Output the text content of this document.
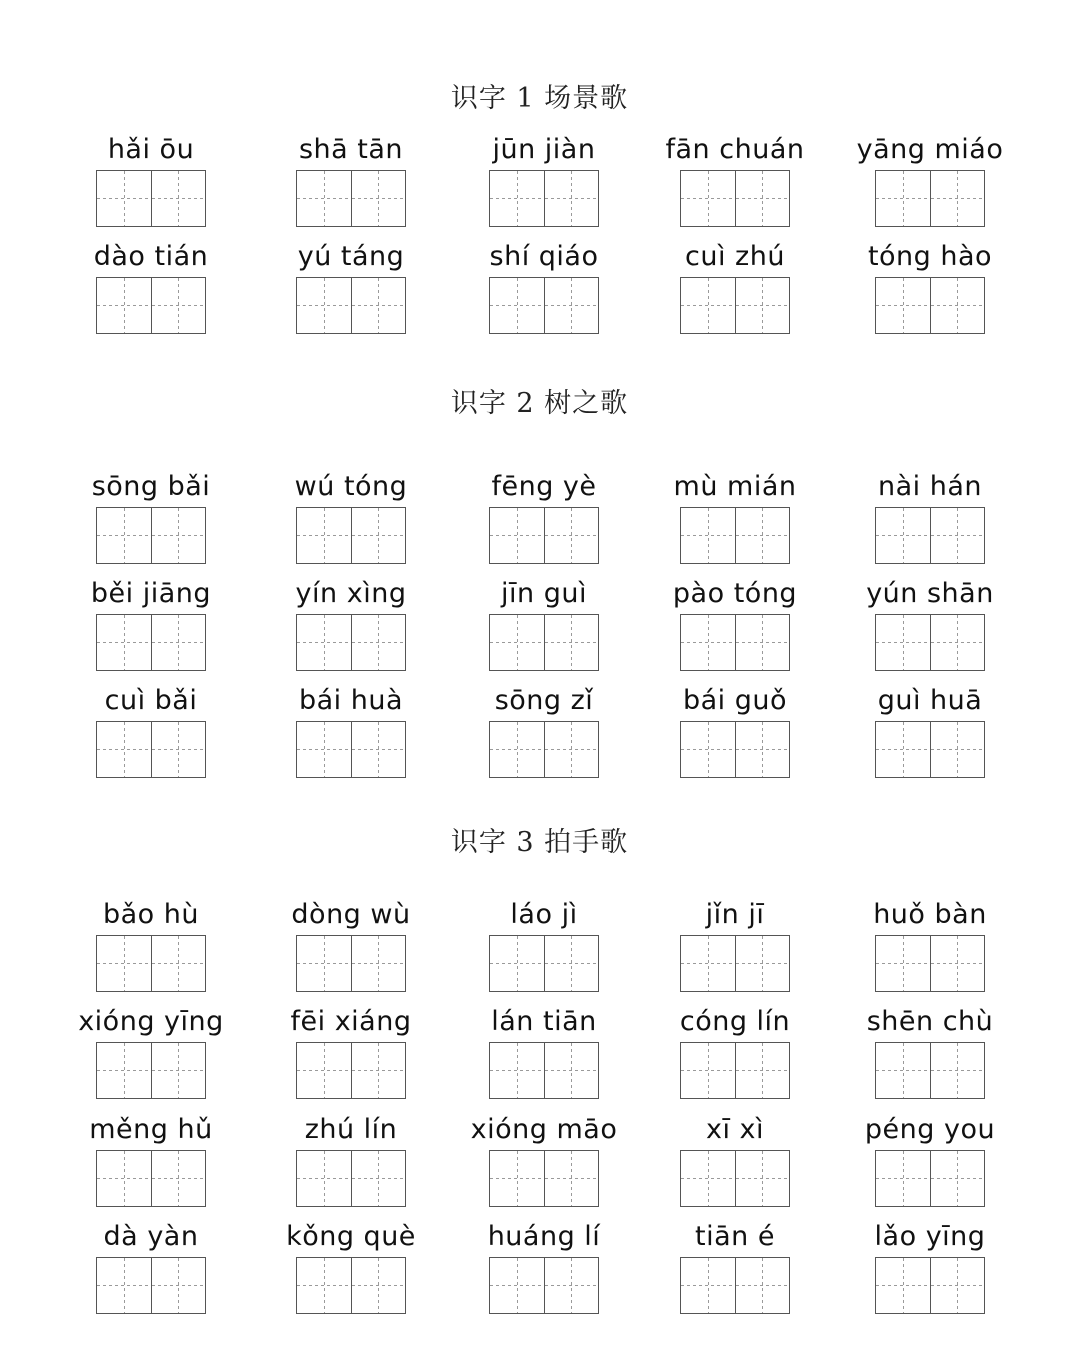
识字 1 场景歌
识字 2 树之歌
识字 3 拍手歌
hǎi ōu	shā tān	jūn jiàn	fān chuán	yāng miáo
dào tián	yú táng	shí qiáo	cuì zhú	tóng hào
sōng bǎi	wú tóng	fēng yè	mù mián	nài hán
běi jiāng	yín xìng	jīn guì	pào tóng	yún shān
cuì bǎi	bái huà	sōng zǐ	bái guǒ	guì huā
bǎo hù	dòng wù	láo jì	jǐn jī	huǒ bàn
xióng yīng	fēi xiáng	lán tiān	cóng lín	shēn chù
měng hǔ	zhú lín	xióng māo	xī xì	péng you
dà yàn	kǒng què	huáng lí	tiān é	lǎo yīng
